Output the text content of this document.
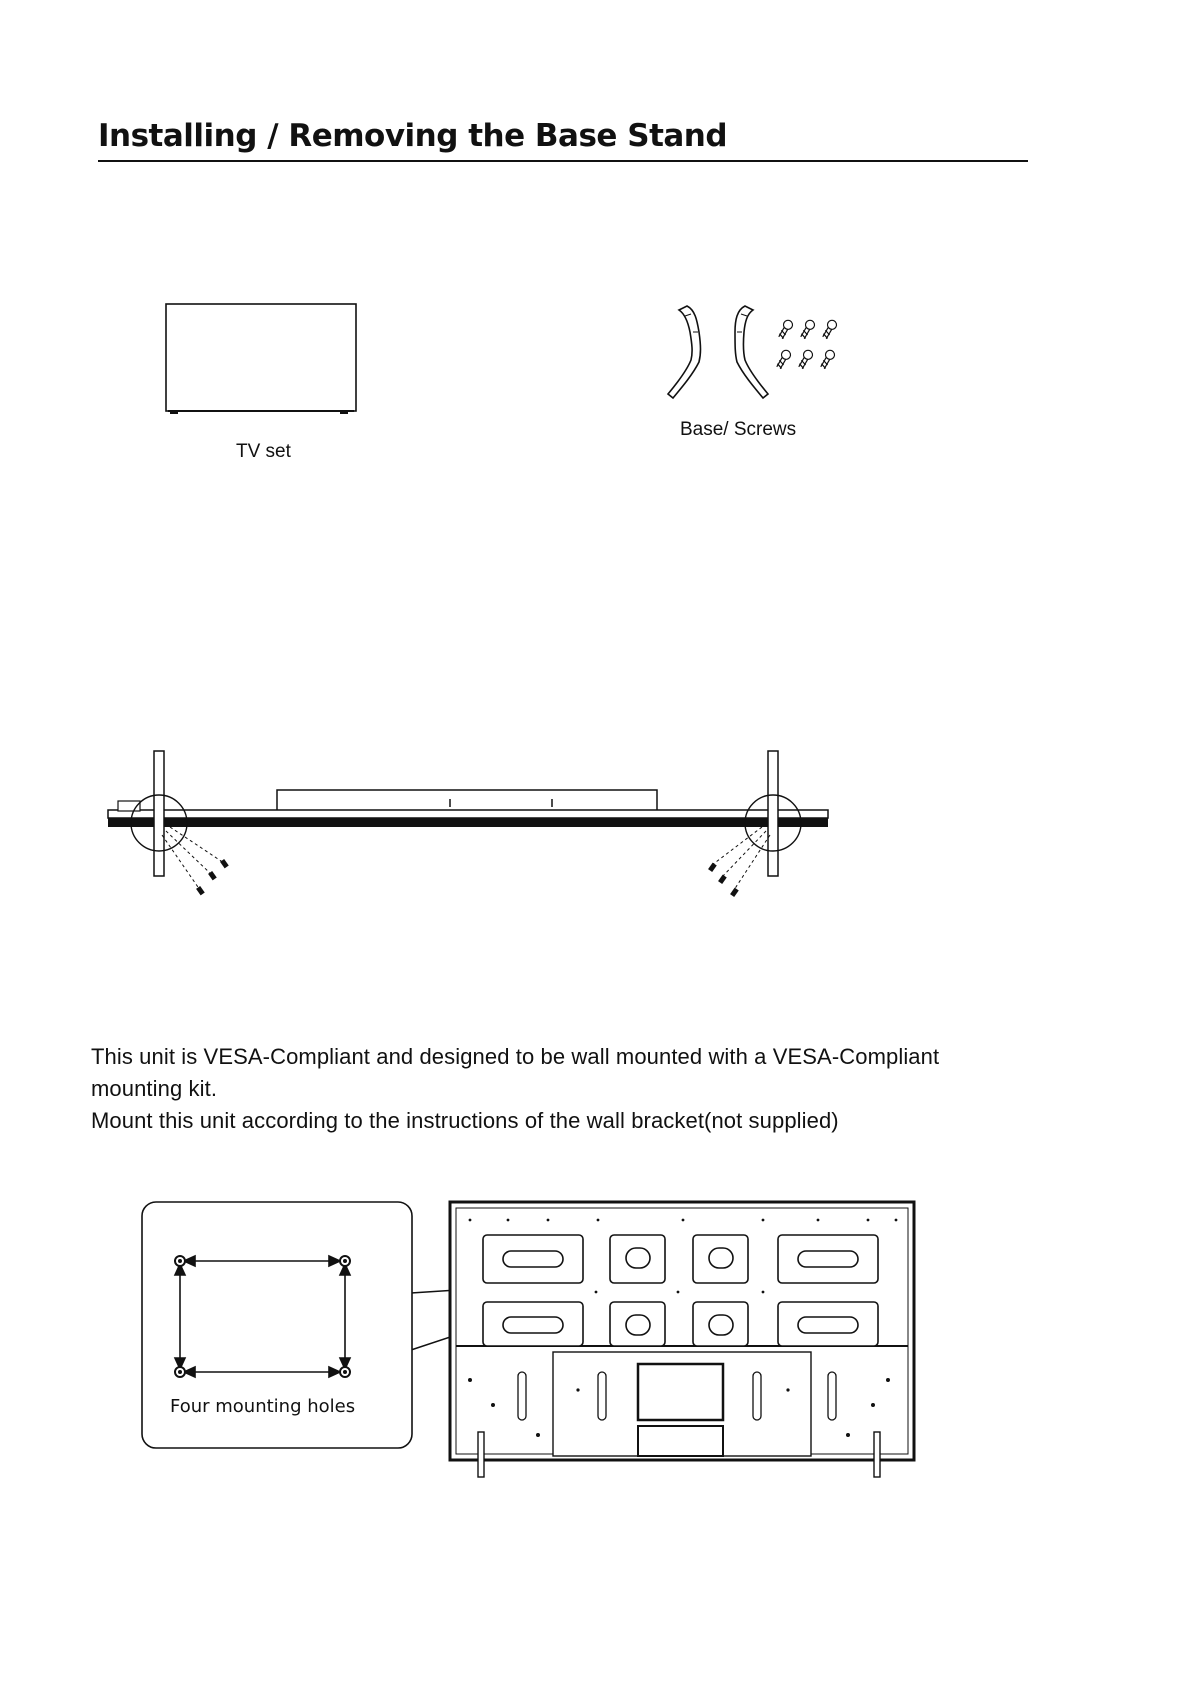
Installing / Removing the Base Stand
TV set
Base/ Screws
This unit is VESA-Compliant and designed to be wall mounted with a VESA-Compliant
mounting kit.
Mount this unit according to the instructions of the wall bracket(not supplied)
Four mounting holes
